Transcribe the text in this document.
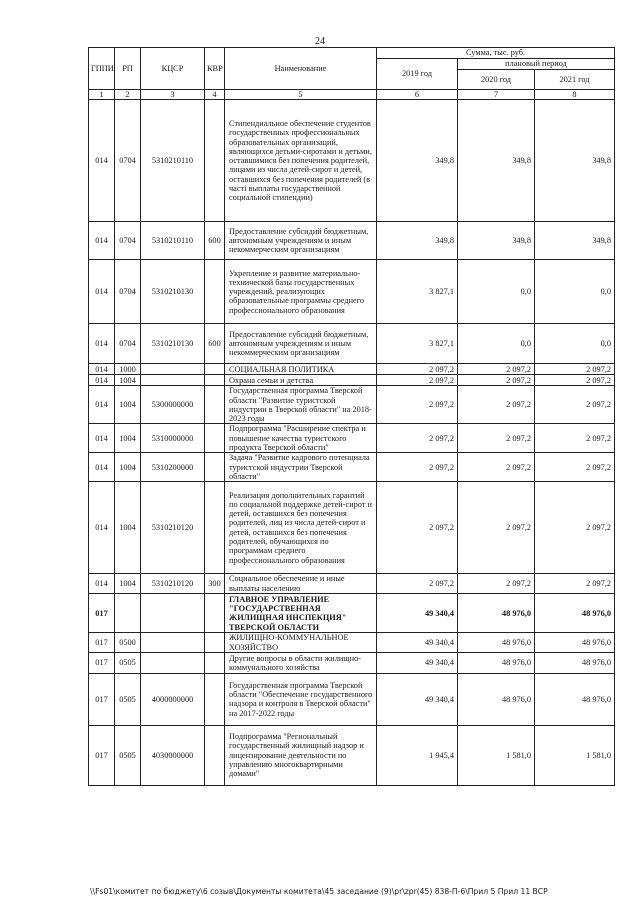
24
ГППИ	РП	КЦСР	КВР	Наименование	Сумма, тыс. руб.		
					2019 год	плановый период	
						2020 год	2021 год
1	2	3	4	5	6	7	8
014	0704	5310210110		Стипендиальное обеспечение студентов государственных профессиональных образовательных организаций, являющихся детьми-сиротами и детьми, оставшимися без попечения родителей, лицами из числа детей-сирот и детей, оставшихся без попечения родителей (в часті выплаты государственной социальной стипендии)	349,8	349,8	349,8
014	0704	5310210110	600	Предоставление субсидий бюджетным, автономным учреждениям и иным некоммерческим организациям	349,8	349,8	349,8
014	0704	5310210130		Укрепление и развитие материально-технической базы государственных учреждений, реализующих образовательные программы среднего профессионального образования	3 827,1	0,0	0,0
014	0704	5310210130	600	Предоставление субсидий бюджетным, автономным учреждениям и иным некоммерческим организациям	3 827,1	0,0	0,0
014	1000			СОЦИАЛЬНАЯ ПОЛИТИКА	2 097,2	2 097,2	2 097,2
014	1004			Охрана семьи и детства	2 097,2	2 097,2	2 097,2
014	1004	5300000000		Государственная программа Тверской области "Развитие туристской индустрии в Тверской области" на 2018-2023 годы	2 097,2	2 097,2	2 097,2
014	1004	5310000000		Подпрограмма "Расширение спектра и повышение качества туристского продукта Тверской области"	2 097,2	2 097,2	2 097,2
014	1004	5310200000		Задача "Развитие кадрового потенциала туристской индустрии Тверской области"	2 097,2	2 097,2	2 097,2
014	1004	5310210120		Реализация дополнительных гарантий по социальной поддержке детей-сирот и детей, оставшихся без попечения родителей, лиц из числа детей-сирот и детей, оставшихся без попечения родителей, обучающихся по программам среднего профессионального образования	2 097,2	2 097,2	2 097,2
014	1004	5310210120	300	Социальное обеспечение и иные выплаты населению	2 097,2	2 097,2	2 097,2
017				ГЛАВНОЕ УПРАВЛЕНИЕ "ГОСУДАРСТВЕННАЯ ЖИЛИЩНАЯ ИНСПЕКЦИЯ" ТВЕРСКОЙ ОБЛАСТИ	49 340,4	48 976,0	48 976,0
017	0500			ЖИЛИЩНО-КОММУНАЛЬНОЕ ХОЗЯЙСТВО	49 340,4	48 976,0	48 976,0
017	0505			Другие вопросы в области жилищно-коммунального хозяйства	49 340,4	48 976,0	48 976,0
017	0505	4000000000		Государственная программа Тверской области "Обеспечение государственного надзора и контроля в Тверской области" на 2017-2022 годы	49 340,4	48 976,0	48 976,0
017	0505	4030000000		Подпрограмма "Региональный государственный жилищный надзор и лицензирование деятельности по управлению многоквартирными домами"	1 945,4	1 581,0	1 581,0
\\Fs01\комитет по бюджету\6 созыв\Документы комитета\45 заседание (9)\pr\zpr(45) 838-П-6\Прил 5 Прил 11 ВСР
